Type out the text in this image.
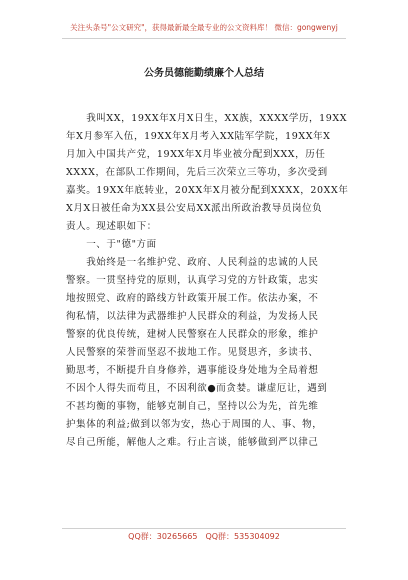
关注头条号"公文研究"，获得最新最全最专业的公文资料库！ 微信：gongwenyj
公务员德能勤绩廉个人总结
　　我叫XX，19XX年X月X日生，XX族，XXXX学历，19XX
年X月参军入伍，19XX年X月考入XX陆军学院，19XX年X
月加入中国共产党，19XX年X月毕业被分配到XXX，历任
XXXX，在部队工作期间，先后三次荣立三等功，多次受到
嘉奖。19XX年底转业，20XX年X月被分配到XXXX，20XX年
X月X日被任命为XX县公安局XX派出所政治教导员岗位负
责人。现述职如下：
　　一、于"德"方面
　　我始终是一名维护党、政府、人民利益的忠诚的人民
警察。一贯坚持党的原则，认真学习党的方针政策，忠实
地按照党、政府的路线方针政策开展工作。依法办案，不
徇私情，以法律为武器维护人民群众的利益，为发扬人民
警察的优良传统，建树人民警察在人民群众的形象，维护
人民警察的荣誉而坚忍不拔地工作。见贤思齐，多读书、
勤思考，不断提升自身修养，遇事能设身处地为全局着想
不因个人得失而苟且，不因利欲●而贪婪。谦虚厄让，遇到
不甚均衡的事物，能够克制自己，坚持以公为先，首先维
护集体的利益;做到以邻为安，热心于周围的人、事、物，
尽自己所能，解他人之难。行止言谈，能够做到严以律己
QQ群：30265665　QQ群：535304092
